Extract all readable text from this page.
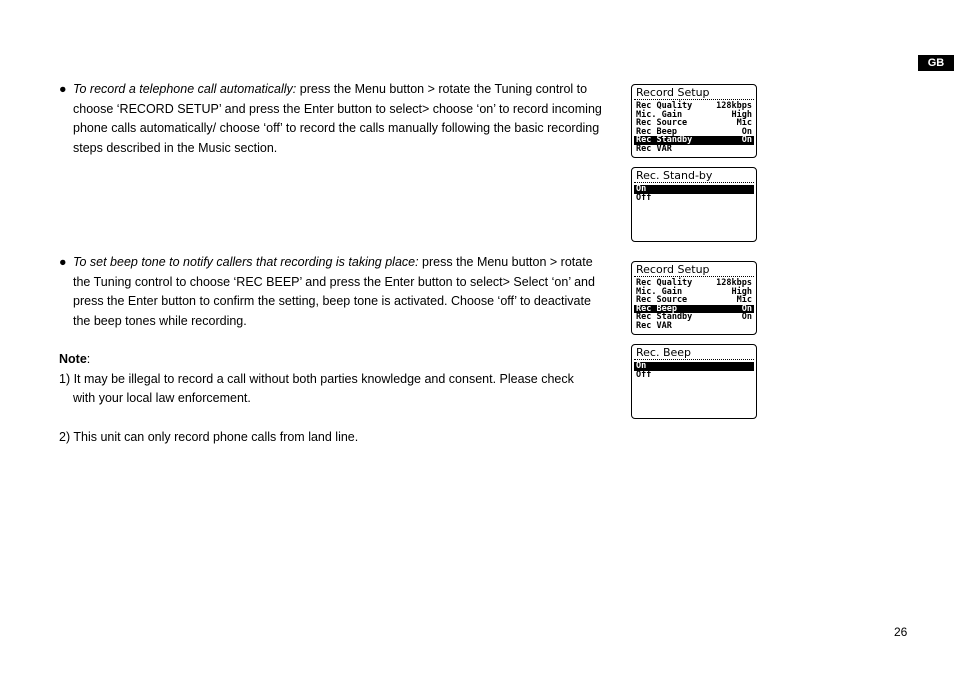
GB
● To record a telephone call automatically: press the Menu button > rotate the Tuning control to
choose ‘RECORD SETUP’ and press the Enter button to select> choose ‘on’ to record incoming
phone calls automatically/ choose ‘off’ to record the calls manually following the basic recording
steps described in the Music section.
● To set beep tone to notify callers that recording is taking place: press the Menu button > rotate
the Tuning control to choose ‘REC BEEP’ and press the Enter button to select> Select ‘on’ and
press the Enter button to confirm the setting, beep tone is activated. Choose ‘off’ to deactivate
the beep tones while recording.
Note:
1) It may be illegal to record a call without both parties knowledge and consent. Please check
with your local law enforcement.
2) This unit can only record phone calls from land line.
Record Setup
Rec Quality	128kbps
Mic. Gain	High
Rec Source	Mic
Rec Beep	On
Rec Standby	On
Rec VAR
Rec. Stand-by
On
Off
Record Setup
Rec Quality	128kbps
Mic. Gain	High
Rec Source	Mic
Rec Beep	On
Rec Standby	On
Rec VAR
Rec. Beep
On
Off
26
